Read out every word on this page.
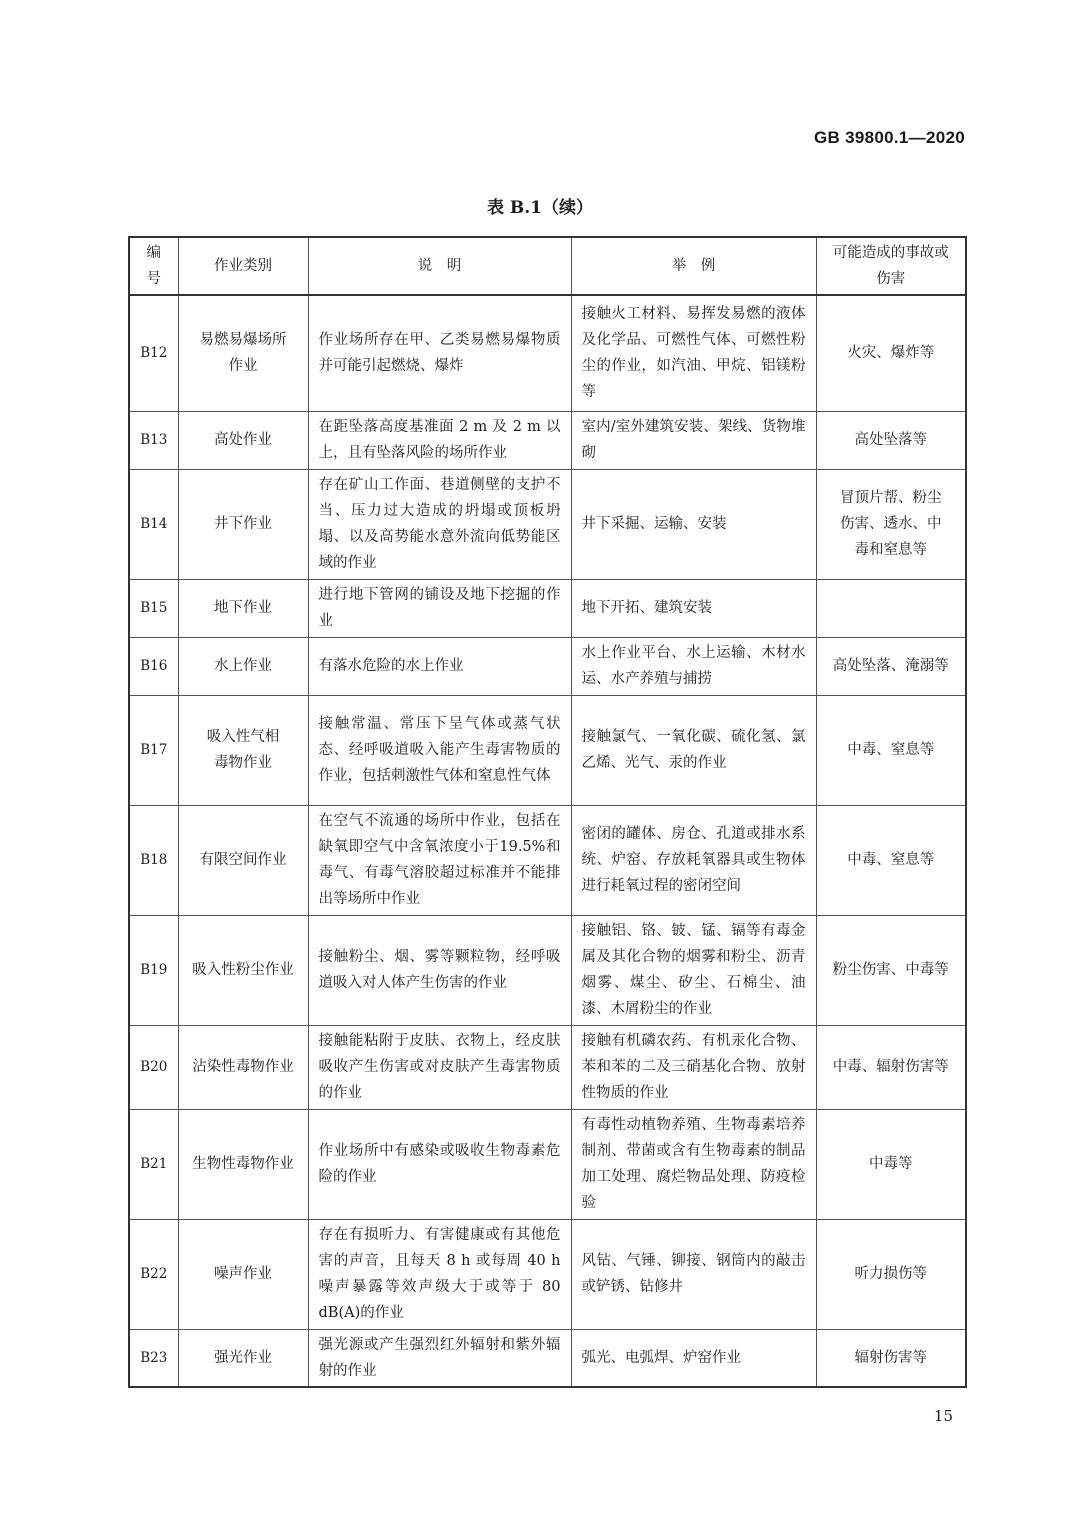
GB 39800.1—2020
表 B.1（续）
编号	作业类别	说　明	举　例	可能造成的事故或伤害
B12	易燃易爆场所作业	作业场所存在甲、乙类易燃易爆物质并可能引起燃烧、爆炸	接触火工材料、易挥发易燃的液体及化学品、可燃性气体、可燃性粉尘的作业，如汽油、甲烷、铝镁粉等	火灾、爆炸等
B13	高处作业	在距坠落高度基准面 2 m 及 2 m 以上，且有坠落风险的场所作业	室内/室外建筑安装、架线、货物堆砌	高处坠落等
B14	井下作业	存在矿山工作面、巷道侧壁的支护不当、压力过大造成的坍塌或顶板坍塌、以及高势能水意外流向低势能区域的作业	井下采掘、运输、安装	冒顶片帮、粉尘伤害、透水、中毒和窒息等
B15	地下作业	进行地下管网的铺设及地下挖掘的作业	地下开拓、建筑安装	
B16	水上作业	有落水危险的水上作业	水上作业平台、水上运输、木材水运、水产养殖与捕捞	高处坠落、淹溺等
B17	吸入性气相毒物作业	接触常温、常压下呈气体或蒸气状态、经呼吸道吸入能产生毒害物质的作业，包括刺激性气体和窒息性气体	接触氯气、一氧化碳、硫化氢、氯乙烯、光气、汞的作业	中毒、窒息等
B18	有限空间作业	在空气不流通的场所中作业，包括在缺氧即空气中含氧浓度小于19.5%和毒气、有毒气溶胶超过标准并不能排出等场所中作业	密闭的罐体、房仓、孔道或排水系统、炉窑、存放耗氧器具或生物体进行耗氧过程的密闭空间	中毒、窒息等
B19	吸入性粉尘作业	接触粉尘、烟、雾等颗粒物，经呼吸道吸入对人体产生伤害的作业	接触铝、铬、铍、锰、镉等有毒金属及其化合物的烟雾和粉尘、沥青烟雾、煤尘、矽尘、石棉尘、油漆、木屑粉尘的作业	粉尘伤害、中毒等
B20	沾染性毒物作业	接触能粘附于皮肤、衣物上，经皮肤吸收产生伤害或对皮肤产生毒害物质的作业	接触有机磷农药、有机汞化合物、苯和苯的二及三硝基化合物、放射性物质的作业	中毒、辐射伤害等
B21	生物性毒物作业	作业场所中有感染或吸收生物毒素危险的作业	有毒性动植物养殖、生物毒素培养制剂、带菌或含有生物毒素的制品加工处理、腐烂物品处理、防疫检验	中毒等
B22	噪声作业	存在有损听力、有害健康或有其他危害的声音，且每天 8 h 或每周 40 h噪声暴露等效声级大于或等于 80 dB(A)的作业	风钻、气锤、铆接、钢筒内的敲击或铲锈、钻修井	听力损伤等
B23	强光作业	强光源或产生强烈红外辐射和紫外辐射的作业	弧光、电弧焊、炉窑作业	辐射伤害等
15
